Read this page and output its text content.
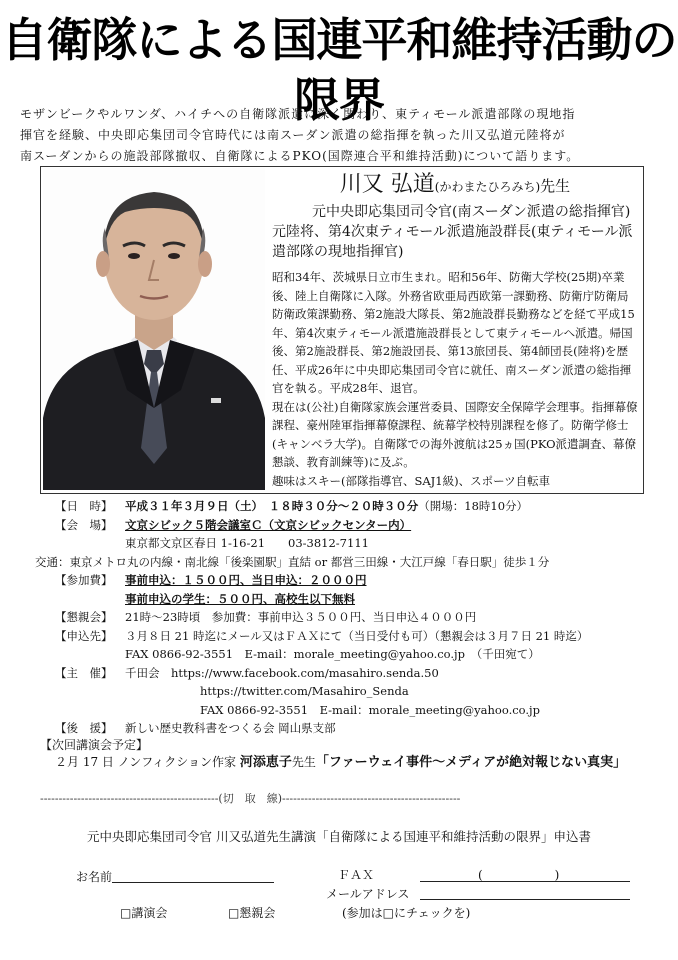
自衛隊による国連平和維持活動の限界
モザンビークやルワンダ、ハイチへの自衛隊派遣に深く関わり、東ティモール派遣部隊の現地指
揮官を経験、中央即応集団司令官時代には南スーダン派遣の総指揮を執った川又弘道元陸将が
南スーダンからの施設部隊撤収、自衛隊によるPKO(国際連合平和維持活動)について語ります。
川又 弘道(かわまたひろみち)先生
元中央即応集団司令官(南スーダン派遣の総指揮官)
元陸将、第4次東ティモール派遣施設群長(東ティモール派遣部隊の現地指揮官)

昭和34年、茨城県日立市生まれ。昭和56年、防衛大学校(25期)卒業後、陸上自衛隊に入隊。外務省欧亜局西欧第一課勤務、防衛庁防衛局防衛政策課勤務、第2施設大隊長、第2施設群長勤務などを経て平成15年、第4次東ティモール派遣施設群長として東ティモールへ派遣。帰国後、第2施設群長、第2施設団長、第13旅団長、第4師団長(陸将)を歴任、平成26年に中央即応集団司令官に就任、南スーダン派遣の総指揮官を執る。平成28年、退官。

現在は(公社)自衛隊家族会運営委員、国際安全保障学会理事。指揮幕僚課程、豪州陸軍指揮幕僚課程、統幕学校特別課程を修了。防衛学修士(キャンベラ大学)。自衛隊での海外渡航は25ヵ国(PKO派遣調査、幕僚懇談、教育訓練等)に及ぶ。

趣味はスキー(部隊指導官、SAJ1級)、スポーツ自転車

【日　時】	平成３１年３月９日（土）　１８時３０分～２０時３０分 （開場：18時10分）
【会　場】	文京シビック５階会議室Ｃ（文京シビックセンター内）
東京都文京区春日 1-16-21　　03-3812-7111
交通：東京メトロ丸の内線・南北線「後楽園駅」直結 or 都営三田線・大江戸線「春日駅」徒歩１分
【参加費】	事前申込：１５００円、当日申込：２０００円
事前申込の学生：５００円、高校生以下無料
【懇親会】	21時～23時頃　参加費：事前申込３５００円、当日申込４０００円
【申込先】	３月８日 21 時迄にメール又はＦＡＸにて（当日受付も可）（懇親会は３月７日 21 時迄）
FAX 0866-92-3551　E-mail：morale_meeting@yahoo.co.jp　（千田宛て）
【主　催】	千田会　https://www.facebook.com/masahiro.senda.50
https://twitter.com/Masahiro_Senda
FAX 0866-92-3551　E-mail：morale_meeting@yahoo.co.jp
【後　援】	新しい歴史教科書をつくる会 岡山県支部
【次回講演会予定】
２月 17 日 ノンフィクション作家 河添恵子先生「ファーウェイ事件～メディアが絶対報じない真実」
------------------------------------------------(切　取　線)------------------------------------------------
元中央即応集団司令官 川又弘道先生講演「自衛隊による国連平和維持活動の限界」申込書
お名前	ＦＡＸ	(　　　　　　)
メールアドレス
□講演会	□懇親会	(参加は□にチェックを)
